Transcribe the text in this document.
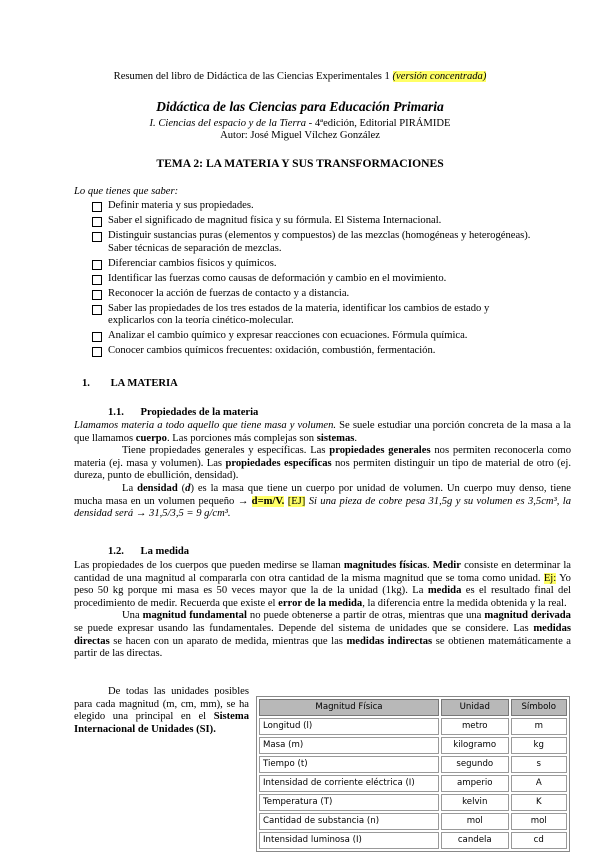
Resumen del libro de Didáctica de las Ciencias Experimentales 1 (versión concentrada)
Didáctica de las Ciencias para Educación Primaria
I. Ciencias del espacio y de la Tierra - 4ªedición, Editorial PIRÁMIDE
Autor: José Miguel Vílchez González
TEMA 2: LA MATERIA Y SUS TRANSFORMACIONES
Lo que tienes que saber:
Definir materia y sus propiedades.
Saber el significado de magnitud física y su fórmula. El Sistema Internacional.
Distinguir sustancias puras (elementos y compuestos) de las mezclas (homogéneas y heterogéneas). Saber técnicas de separación de mezclas.
Diferenciar cambios físicos y químicos.
Identificar las fuerzas como causas de deformación y cambio en el movimiento.
Reconocer la acción de fuerzas de contacto y a distancia.
Saber las propiedades de los tres estados de la materia, identificar los cambios de estado y explicarlos con la teoría cinético-molecular.
Analizar el cambio químico y expresar reacciones con ecuaciones. Fórmula química.
Conocer cambios químicos frecuentes: oxidación, combustión, fermentación.
1. LA MATERIA
1.1. Propiedades de la materia

Llamamos materia a todo aquello que tiene masa y volumen. Se suele estudiar una porción concreta de la masa a la que llamamos cuerpo. Las porciones más complejas son sistemas.

Tiene propiedades generales y específicas. Las propiedades generales nos permiten reconocerla como materia (ej. masa y volumen). Las propiedades específicas nos permiten distinguir un tipo de material de otro (ej. dureza, punto de ebullición, densidad).

La densidad (d) es la masa que tiene un cuerpo por unidad de volumen. Un cuerpo muy denso, tiene mucha masa en un volumen pequeño → d=m/V. [EJ] Si una pieza de cobre pesa 31,5g y su volumen es 3,5cm³, la densidad será → 31,5/3,5 = 9 g/cm³.

1.2. La medida

Las propiedades de los cuerpos que pueden medirse se llaman magnitudes físicas. Medir consiste en determinar la cantidad de una magnitud al compararla con otra cantidad de la misma magnitud que se toma como unidad. Ej: Yo peso 50 kg porque mi masa es 50 veces mayor que la de la unidad (1kg). La medida es el resultado final del procedimiento de medir. Recuerda que existe el error de la medida, la diferencia entre la medida obtenida y la real.

Una magnitud fundamental no puede obtenerse a partir de otras, mientras que una magnitud derivada se puede expresar usando las fundamentales. Depende del sistema de unidades que se considere. Las medidas directas se hacen con un aparato de medida, mientras que las medidas indirectas se obtienen matemáticamente a partir de las directas.

De todas las unidades posibles para cada magnitud (m, cm, mm), se ha elegido una principal en el Sistema Internacional de Unidades (SI).

Magnitud Física	Unidad	Símbolo
Longitud (l)	metro	m
Masa (m)	kilogramo	kg
Tiempo (t)	segundo	s
Intensidad de corriente eléctrica (I)	amperio	A
Temperatura (T)	kelvin	K
Cantidad de substancia (n)	mol	mol
Intensidad luminosa (I)	candela	cd
